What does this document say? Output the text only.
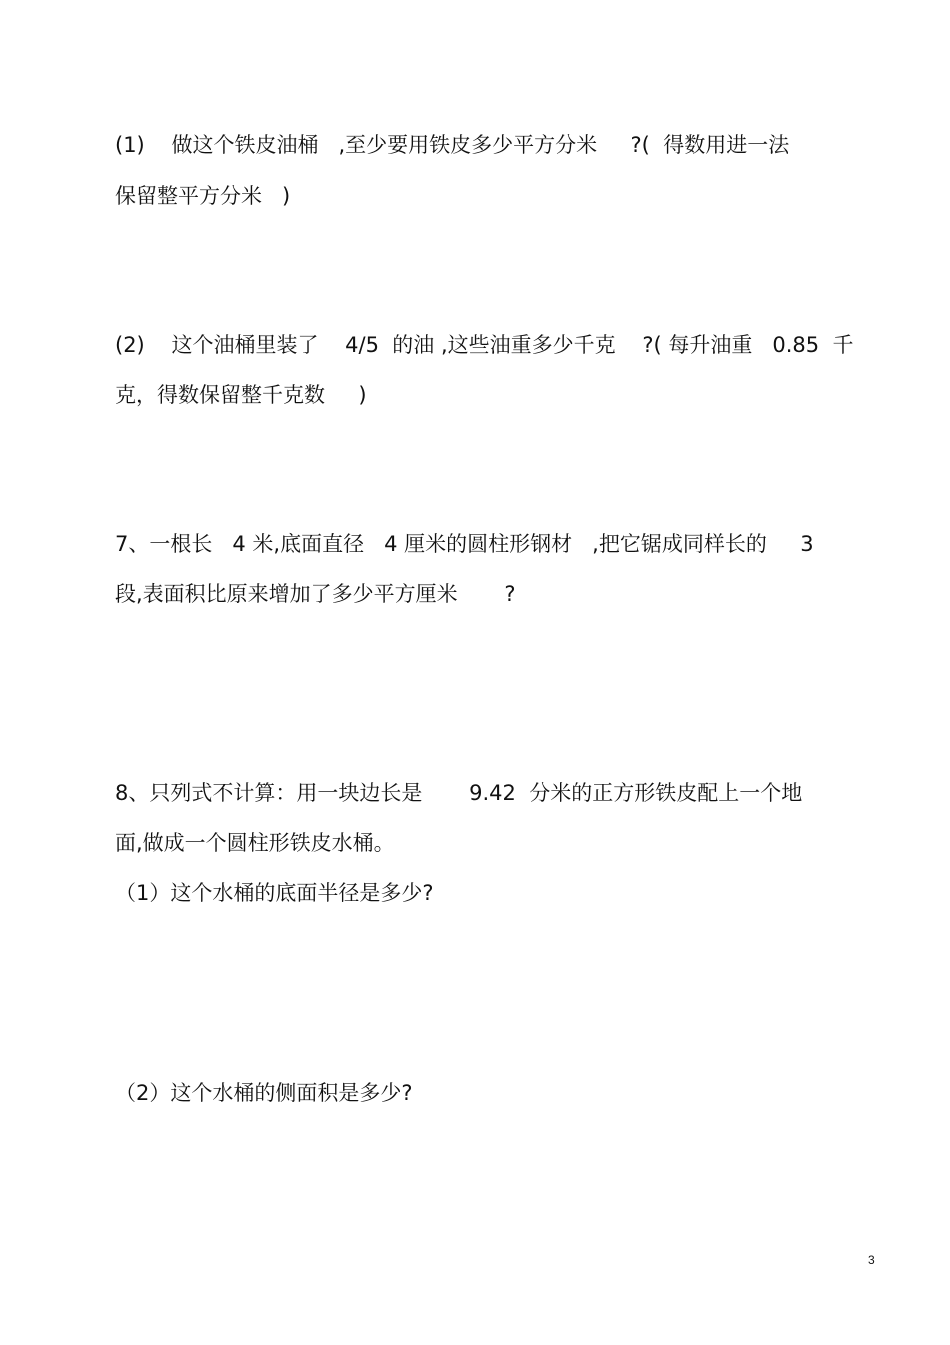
(1)    做这个铁皮油桶   ,至少要用铁皮多少平方分米     ?(  得数用进一法

保留整平方分米   )

(2)    这个油桶里装了    4/5  的油 ,这些油重多少千克    ?( 每升油重   0.85  千

克，得数保留整千克数     )

7、一根长   4 米,底面直径   4 厘米的圆柱形钢材   ,把它锯成同样长的     3

段,表面积比原来增加了多少平方厘米       ?

8、只列式不计算：用一块边长是       9.42  分米的正方形铁皮配上一个地

面,做成一个圆柱形铁皮水桶。

（1）这个水桶的底面半径是多少?

（2）这个水桶的侧面积是多少?

3
